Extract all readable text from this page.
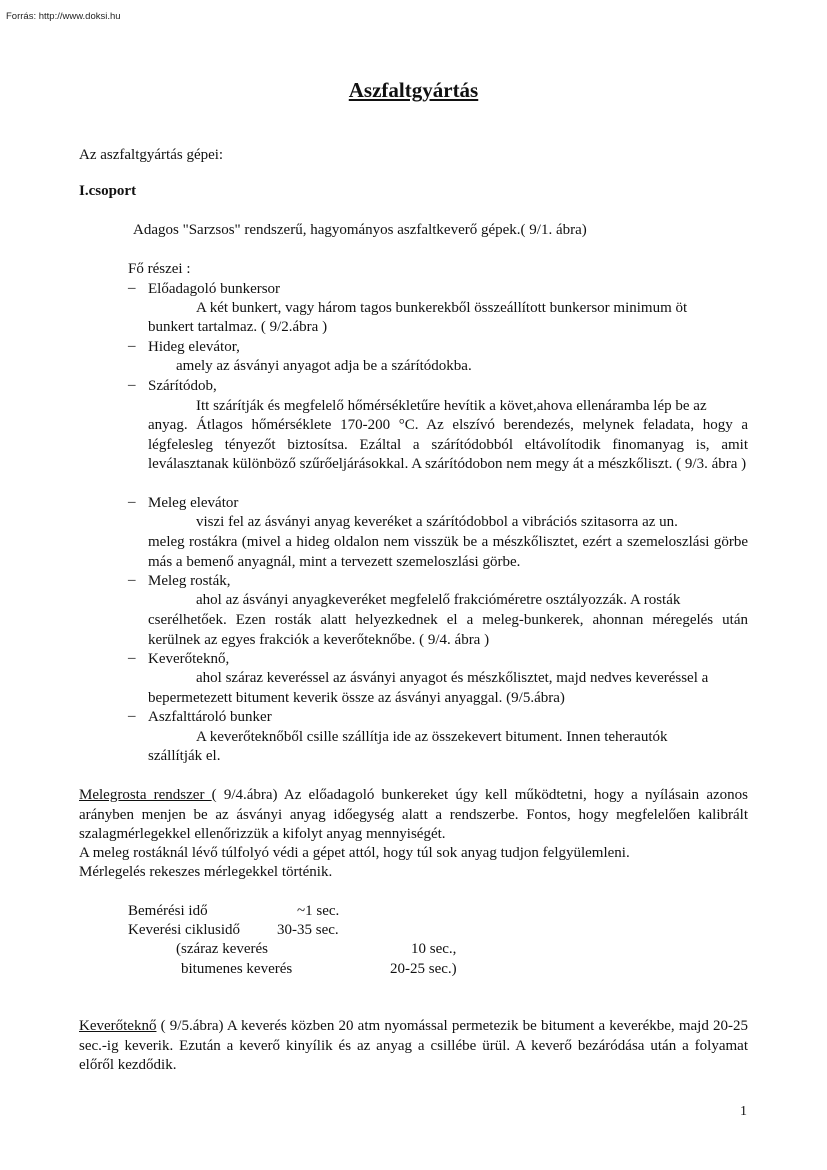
Forrás: http://www.doksi.hu
Aszfaltgyártás
Az aszfaltgyártás gépei:
I.csoport
Adagos "Sarzsos" rendszerű, hagyományos aszfaltkeverő gépek.( 9/1. ábra)
Fő részei :
– Előadagoló bunkersor
A két bunkert, vagy három tagos bunkerekből összeállított bunkersor minimum öt
bunkert tartalmaz. ( 9/2.ábra )
– Hideg elevátor,
amely az ásványi anyagot adja be a szárítódokba.
– Szárítódob,
Itt szárítják és megfelelő hőmérsékletűre hevítik a követ,ahova ellenáramba lép be az
anyag. Átlagos hőmérséklete 170-200 °C. Az elszívó berendezés, melynek feladata, hogy a légfelesleg tényezőt biztosítsa. Ezáltal a szárítódobból eltávolítodik finomanyag is, amit leválasztanak különböző szűrőeljárásokkal. A szárítódobon nem megy át a mészkőliszt. ( 9/3. ábra )
– Meleg elevátor
viszi fel az ásványi anyag keveréket a szárítódobbol a vibrációs szitasorra az un.
meleg rostákra (mivel a hideg oldalon nem visszük be a mészkőlisztet, ezért a szemeloszlási görbe más a bemenő anyagnál, mint a tervezett szemeloszlási görbe.
– Meleg rosták,
ahol az ásványi anyagkeveréket megfelelő frakcióméretre osztályozzák. A rosták
cserélhetőek. Ezen rosták alatt helyezkednek el a meleg-bunkerek, ahonnan méregelés után kerülnek az egyes frakciók a keverőteknőbe. ( 9/4. ábra )
– Keverőteknő,
ahol száraz keveréssel az ásványi anyagot és mészkőlisztet, majd nedves keveréssel a
bepermetezett bitument keverik össze az ásványi anyaggal. (9/5.ábra)
– Aszfalttároló bunker
A keverőteknőből csille szállítja ide az összekevert bitument. Innen teherautók
szállítják el.
Melegrosta rendszer ( 9/4.ábra) Az előadagoló bunkereket úgy kell működtetni, hogy a nyílásain azonos arányben menjen be az ásványi anyag időegység alatt a rendszerbe. Fontos, hogy megfelelően kalibrált szalagmérlegekkel ellenőrizzük a kifolyt anyag mennyiségét.
A meleg rostáknál lévő túlfolyó védi a gépet attól, hogy túl sok anyag tudjon felgyülemleni.
Mérlegelés rekeszes mérlegekkel történik.
Bemérési idő	~1 sec.
Keverési ciklusidő 30-35 sec.
(száraz keverés	10 sec.,
bitumenes keverés	20-25 sec.)
Keverőteknő ( 9/5.ábra) A keverés közben 20 atm nyomással permetezik be bitument a keverékbe, majd 20-25 sec.-ig keverik. Ezután a keverő kinyílik és az anyag a csillébe ürül. A keverő bezáródása után a folyamat előről kezdődik.
1
